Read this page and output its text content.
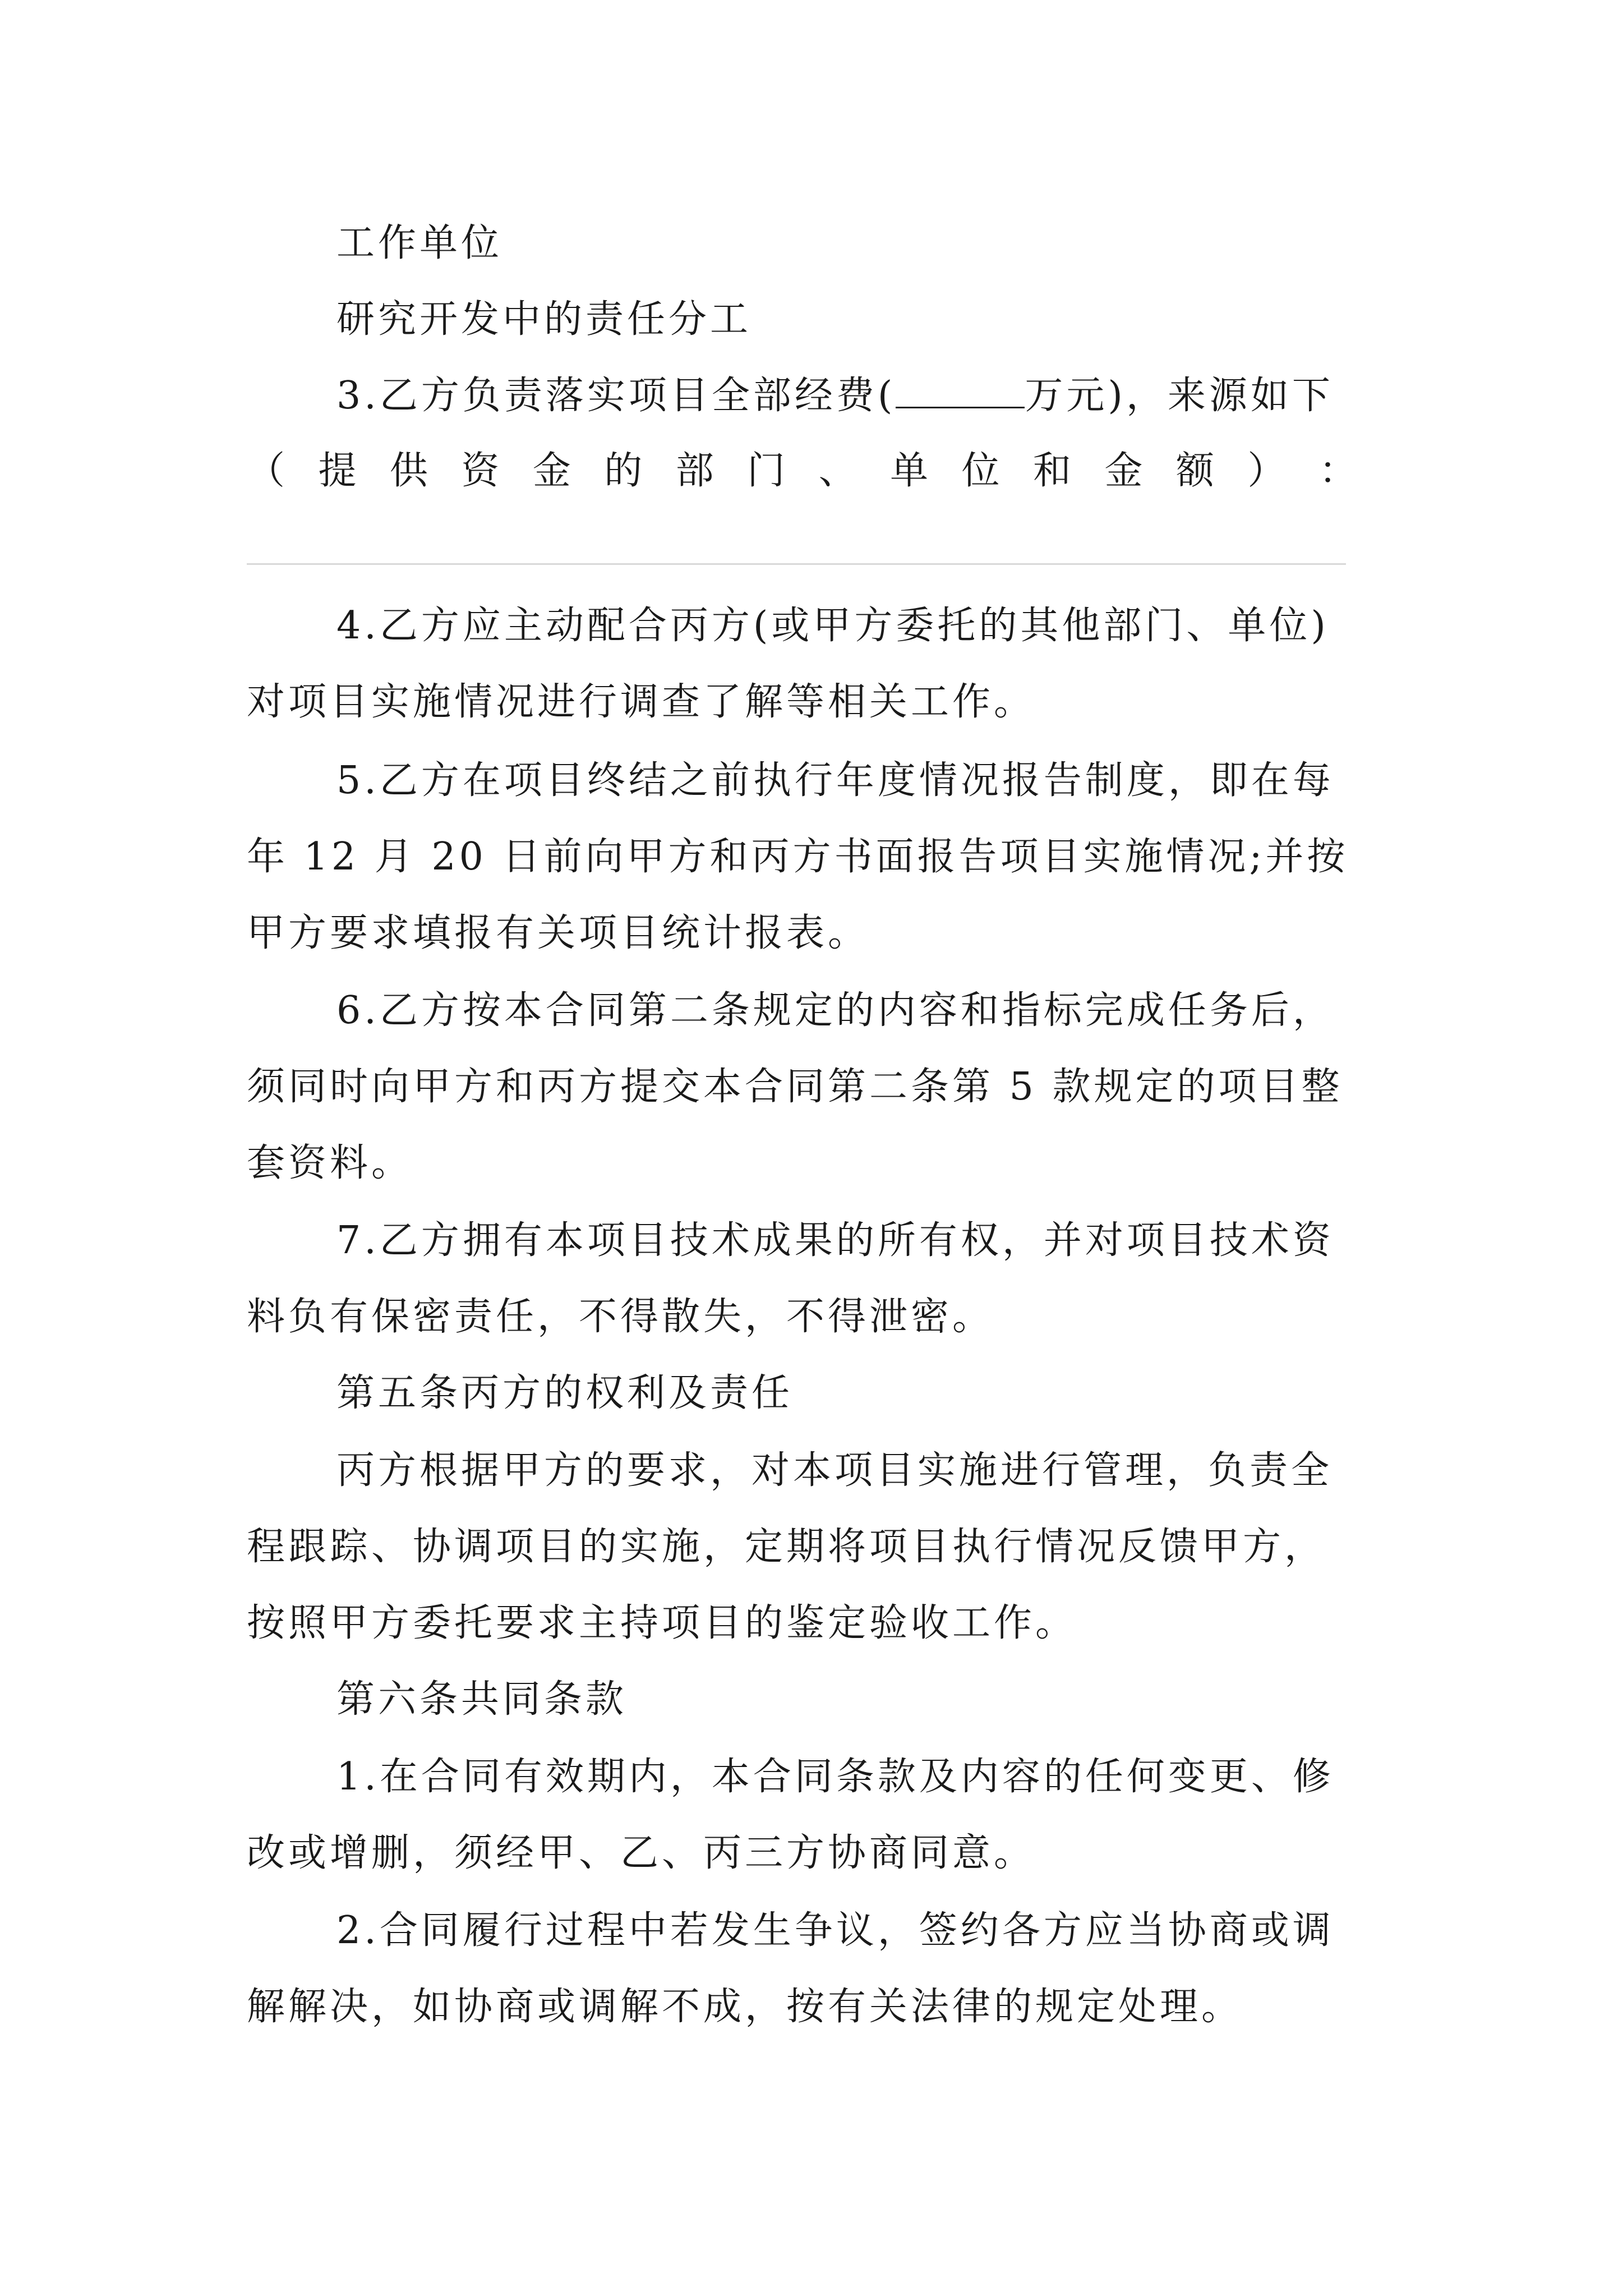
工作单位
研究开发中的责任分工
3.乙方负责落实项目全部经费(	万元)，来源如下
（ 提 供 资 金 的 部 门 、 单 位 和 金 额 ） ：
4.乙方应主动配合丙方(或甲方委托的其他部门、单位)
对项目实施情况进行调查了解等相关工作。
5.乙方在项目终结之前执行年度情况报告制度，即在每
年 12 月 20 日前向甲方和丙方书面报告项目实施情况;并按
甲方要求填报有关项目统计报表。
6.乙方按本合同第二条规定的内容和指标完成任务后，
须同时向甲方和丙方提交本合同第二条第 5 款规定的项目整
套资料。
7.乙方拥有本项目技术成果的所有权，并对项目技术资
料负有保密责任，不得散失，不得泄密。
第五条丙方的权利及责任
丙方根据甲方的要求，对本项目实施进行管理，负责全
程跟踪、协调项目的实施，定期将项目执行情况反馈甲方，
按照甲方委托要求主持项目的鉴定验收工作。
第六条共同条款
1.在合同有效期内，本合同条款及内容的任何变更、修
改或增删，须经甲、乙、丙三方协商同意。
2.合同履行过程中若发生争议，签约各方应当协商或调
解解决，如协商或调解不成，按有关法律的规定处理。
